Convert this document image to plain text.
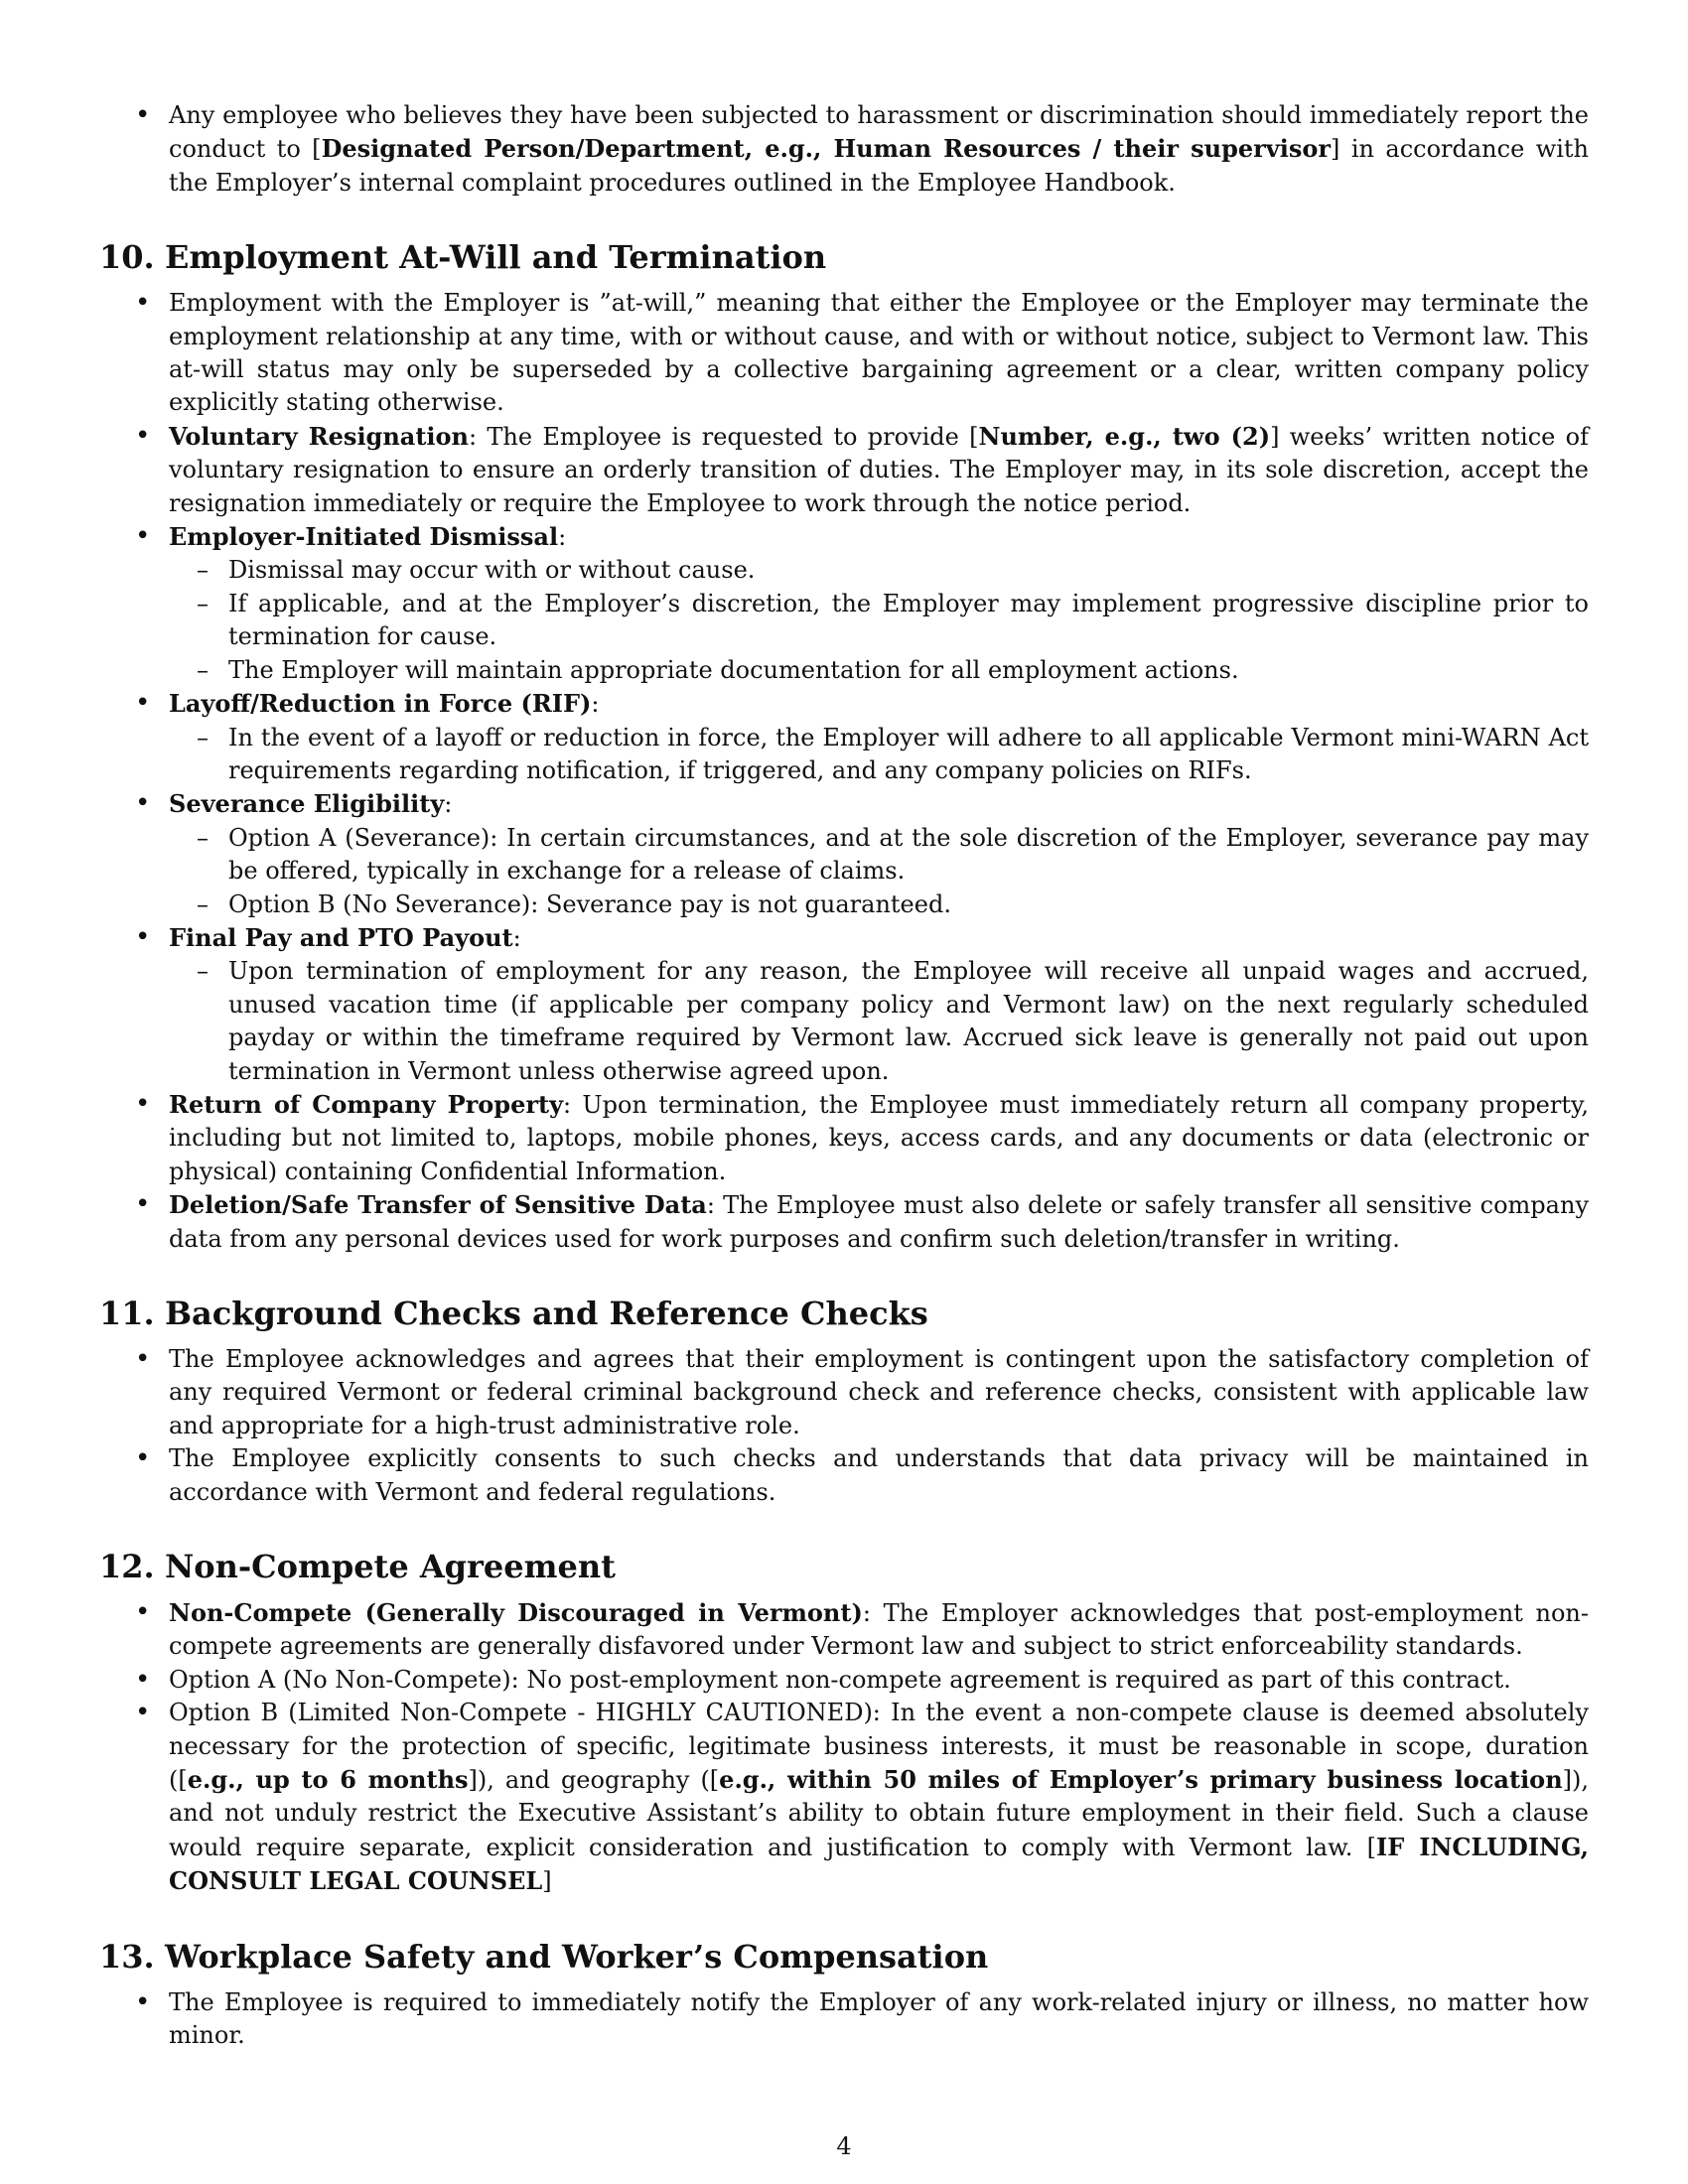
• Any employee who believes they have been subjected to harassment or discrimination should immediately report the conduct to [Designated Person/Department, e.g., Human Resources / their supervisor] in accordance with the Employer’s internal complaint procedures outlined in the Employee Handbook.
10. Employment At-Will and Termination
• Employment with the Employer is ”at-will,” meaning that either the Employee or the Employer may terminate the employment relationship at any time, with or without cause, and with or without notice, subject to Vermont law. This at-will status may only be superseded by a collective bargaining agreement or a clear, written company policy explicitly stating otherwise.
• Voluntary Resignation: The Employee is requested to provide [Number, e.g., two (2)] weeks’ written notice of voluntary resignation to ensure an orderly transition of duties. The Employer may, in its sole discretion, accept the resignation immediately or require the Employee to work through the notice period.
• Employer-Initiated Dismissal:
– Dismissal may occur with or without cause.
– If applicable, and at the Employer’s discretion, the Employer may implement progressive discipline prior to termination for cause.
– The Employer will maintain appropriate documentation for all employment actions.
• Layoff/Reduction in Force (RIF):
– In the event of a layoff or reduction in force, the Employer will adhere to all applicable Vermont mini-WARN Act requirements regarding notification, if triggered, and any company policies on RIFs.
• Severance Eligibility:
– Option A (Severance): In certain circumstances, and at the sole discretion of the Employer, severance pay may be offered, typically in exchange for a release of claims.
– Option B (No Severance): Severance pay is not guaranteed.
• Final Pay and PTO Payout:
– Upon termination of employment for any reason, the Employee will receive all unpaid wages and accrued, unused vacation time (if applicable per company policy and Vermont law) on the next regularly scheduled payday or within the timeframe required by Vermont law. Accrued sick leave is generally not paid out upon termination in Vermont unless otherwise agreed upon.
• Return of Company Property: Upon termination, the Employee must immediately return all company property, including but not limited to, laptops, mobile phones, keys, access cards, and any documents or data (electronic or physical) containing Confidential Information.
• Deletion/Safe Transfer of Sensitive Data: The Employee must also delete or safely transfer all sensitive company data from any personal devices used for work purposes and confirm such deletion/transfer in writing.
11. Background Checks and Reference Checks
• The Employee acknowledges and agrees that their employment is contingent upon the satisfactory completion of any required Vermont or federal criminal background check and reference checks, consistent with applicable law and appropriate for a high-trust administrative role.
• The Employee explicitly consents to such checks and understands that data privacy will be maintained in accordance with Vermont and federal regulations.
12. Non-Compete Agreement
• Non-Compete (Generally Discouraged in Vermont): The Employer acknowledges that post-employment non-compete agreements are generally disfavored under Vermont law and subject to strict enforceability standards.
• Option A (No Non-Compete): No post-employment non-compete agreement is required as part of this contract.
• Option B (Limited Non-Compete - HIGHLY CAUTIONED): In the event a non-compete clause is deemed absolutely necessary for the protection of specific, legitimate business interests, it must be reasonable in scope, duration ([e.g., up to 6 months]), and geography ([e.g., within 50 miles of Employer’s primary business location]), and not unduly restrict the Executive Assistant’s ability to obtain future employment in their field. Such a clause would require separate, explicit consideration and justification to comply with Vermont law. [IF INCLUDING, CONSULT LEGAL COUNSEL]
13. Workplace Safety and Worker’s Compensation
• The Employee is required to immediately notify the Employer of any work-related injury or illness, no matter how minor.
4
